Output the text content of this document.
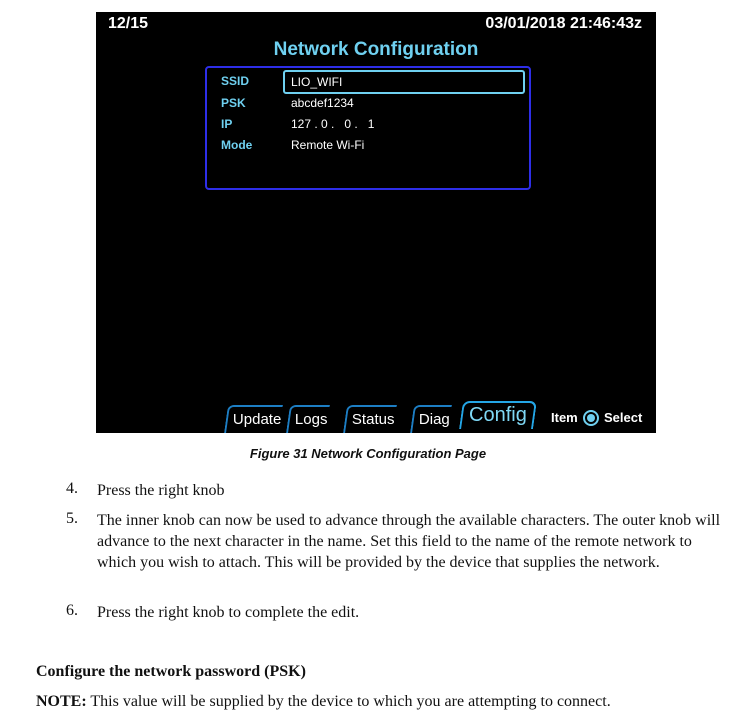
12/15	03/01/2018 21:46:43z
Network Configuration
SSID	LIO_WIFI
PSK	abcdef1234
IP	127 . 0 .   0 .   1
Mode	Remote Wi-Fi
Update Logs	Status	Diag Config	Item Select
Figure 31 Network Configuration Page
4. Press the right knob
5. The inner knob can now be used to advance through the available characters. The outer knob will advance to the next character in the name. Set this field to the name of the remote network to which you wish to attach. This will be provided by the device that supplies the network.
6. Press the right knob to complete the edit.
Configure the network password (PSK)
NOTE: This value will be supplied by the device to which you are attempting to connect.
